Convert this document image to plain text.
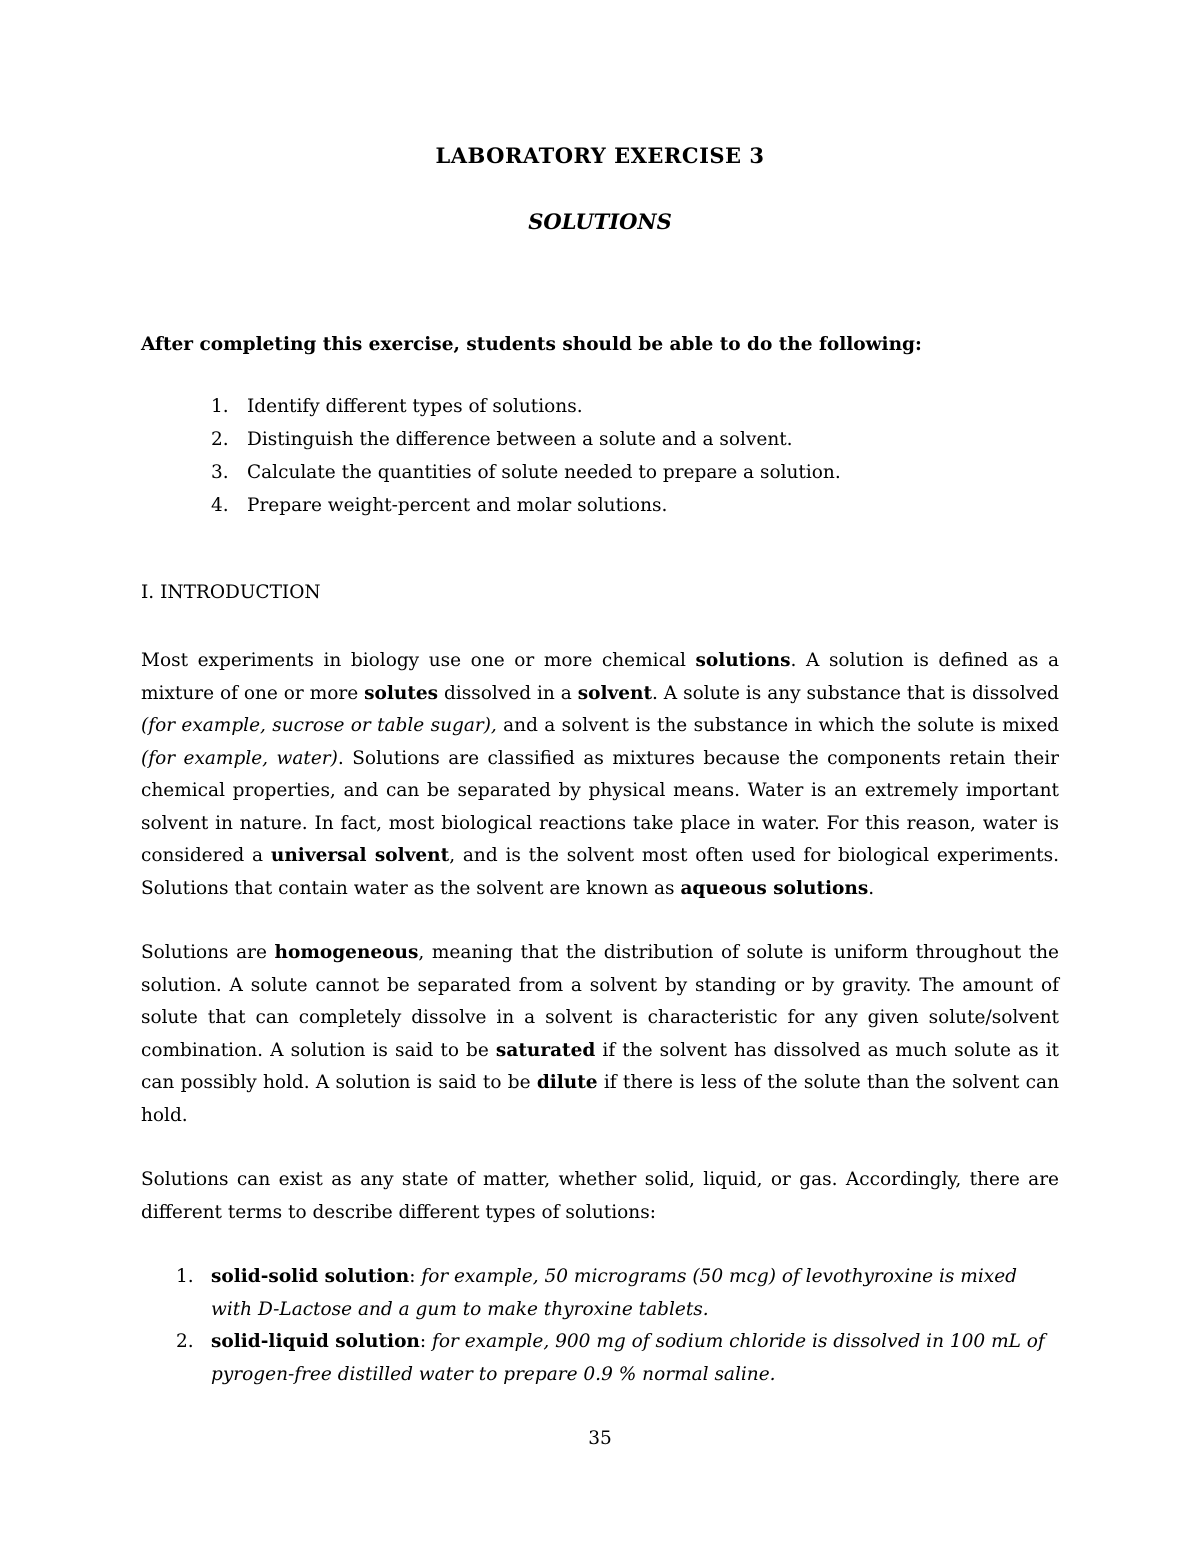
LABORATORY EXERCISE 3
SOLUTIONS
After completing this exercise, students should be able to do the following:
1. Identify different types of solutions.
2. Distinguish the difference between a solute and a solvent.
3. Calculate the quantities of solute needed to prepare a solution.
4. Prepare weight-percent and molar solutions.
I. INTRODUCTION

Most experiments in biology use one or more chemical solutions. A solution is defined as a mixture of one or more solutes dissolved in a solvent. A solute is any substance that is dissolved (for example, sucrose or table sugar), and a solvent is the substance in which the solute is mixed (for example, water). Solutions are classified as mixtures because the components retain their chemical properties, and can be separated by physical means. Water is an extremely important solvent in nature. In fact, most biological reactions take place in water. For this reason, water is considered a universal solvent, and is the solvent most often used for biological experiments. Solutions that contain water as the solvent are known as aqueous solutions.

Solutions are homogeneous, meaning that the distribution of solute is uniform throughout the solution. A solute cannot be separated from a solvent by standing or by gravity. The amount of solute that can completely dissolve in a solvent is characteristic for any given solute/solvent combination. A solution is said to be saturated if the solvent has dissolved as much solute as it can possibly hold. A solution is said to be dilute if there is less of the solute than the solvent can hold.

Solutions can exist as any state of matter, whether solid, liquid, or gas. Accordingly, there are different terms to describe different types of solutions:

1. solid-solid solution: for example, 50 micrograms (50 mcg) of levothyroxine is mixed with D-Lactose and a gum to make thyroxine tablets.
2. solid-liquid solution: for example, 900 mg of sodium chloride is dissolved in 100 mL of pyrogen-free distilled water to prepare 0.9 % normal saline.
35
